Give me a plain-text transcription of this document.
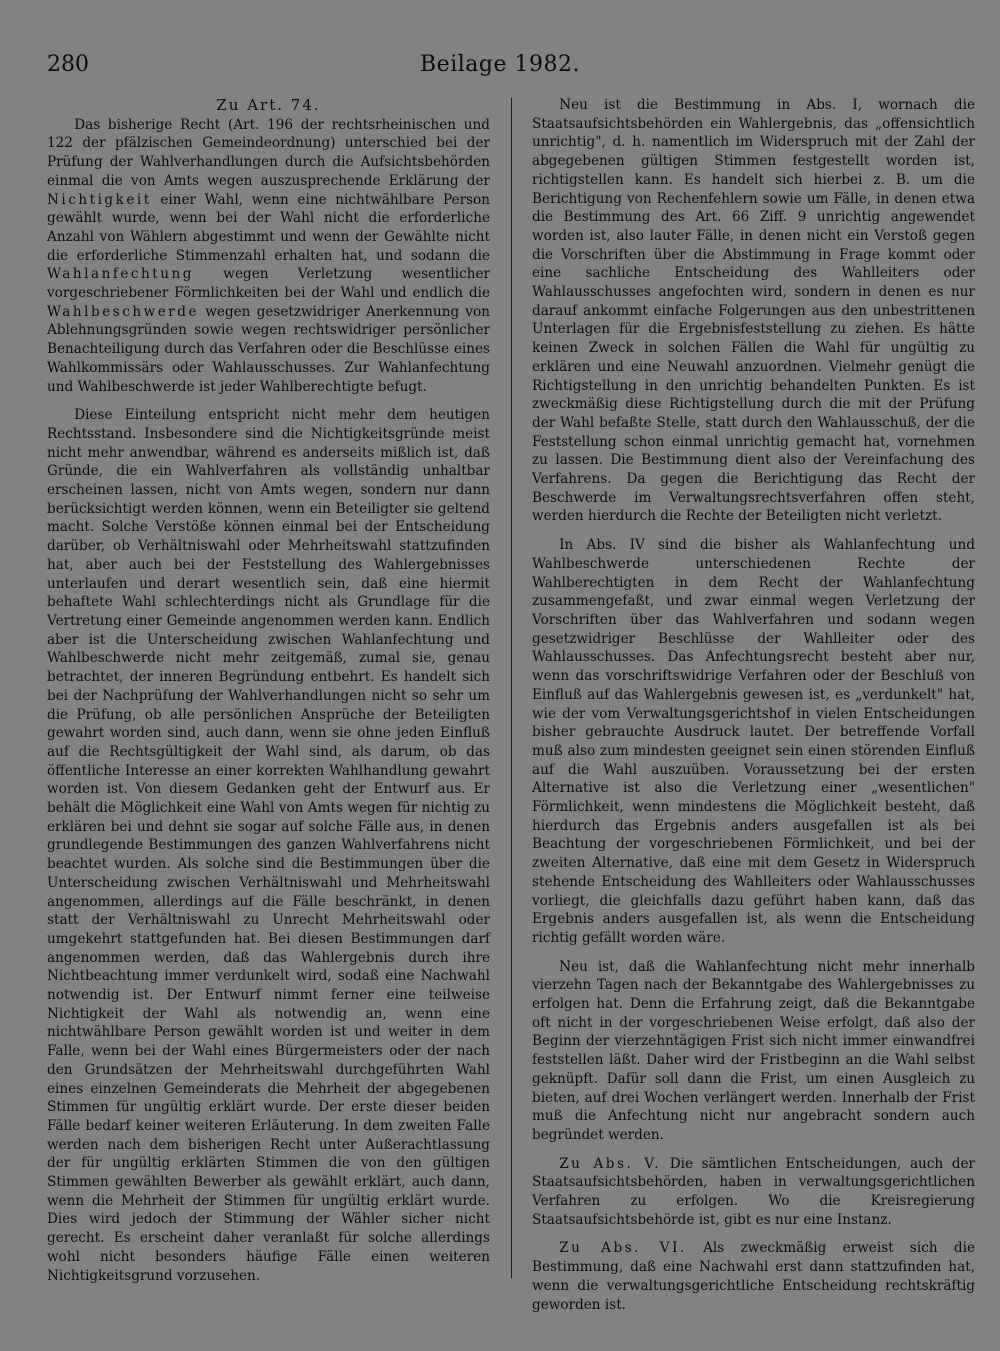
Beilage 1982.
280

Zu Art. 74.

Das bisherige Recht (Art. 196 der rechtsrheinischen und 122 der pfälzischen Gemeindeordnung) unterschied bei der Prüfung der Wahlverhandlungen durch die Aufsichtsbehörden einmal die von Amts wegen auszusprechende Erklärung der Nichtigkeit einer Wahl, wenn eine nichtwählbare Person gewählt wurde, wenn bei der Wahl nicht die erforderliche Anzahl von Wählern abgestimmt und wenn der Gewählte nicht die erforderliche Stimmenzahl erhalten hat, und sodann die Wahlanfechtung wegen Verletzung wesentlicher vorgeschriebener Förmlichkeiten bei der Wahl und endlich die Wahlbeschwerde wegen gesetzwidriger Anerkennung von Ablehnungsgründen sowie wegen rechtswidriger persönlicher Benachteiligung durch das Verfahren oder die Beschlüsse eines Wahlkommissärs oder Wahlausschusses. Zur Wahlanfechtung und Wahlbeschwerde ist jeder Wahlberechtigte befugt.

Diese Einteilung entspricht nicht mehr dem heutigen Rechtsstand. Insbesondere sind die Nichtigkeitsgründe meist nicht mehr anwendbar, während es anderseits mißlich ist, daß Gründe, die ein Wahlverfahren als vollständig unhaltbar erscheinen lassen, nicht von Amts wegen, sondern nur dann berücksichtigt werden können, wenn ein Beteiligter sie geltend macht. Solche Verstöße können einmal bei der Entscheidung darüber, ob Verhältniswahl oder Mehrheitswahl stattzufinden hat, aber auch bei der Feststellung des Wahlergebnisses unterlaufen und derart wesentlich sein, daß eine hiermit behaftete Wahl schlechterdings nicht als Grundlage für die Vertretung einer Gemeinde angenommen werden kann. Endlich aber ist die Unterscheidung zwischen Wahlanfechtung und Wahlbeschwerde nicht mehr zeitgemäß, zumal sie, genau betrachtet, der inneren Begründung entbehrt. Es handelt sich bei der Nachprüfung der Wahlverhandlungen nicht so sehr um die Prüfung, ob alle persönlichen Ansprüche der Beteiligten gewahrt worden sind, auch dann, wenn sie ohne jeden Einfluß auf die Rechtsgültigkeit der Wahl sind, als darum, ob das öffentliche Interesse an einer korrekten Wahlhandlung gewahrt worden ist. Von diesem Gedanken geht der Entwurf aus. Er behält die Möglichkeit eine Wahl von Amts wegen für nichtig zu erklären bei und dehnt sie sogar auf solche Fälle aus, in denen grundlegende Bestimmungen des ganzen Wahlverfahrens nicht beachtet wurden. Als solche sind die Bestimmungen über die Unterscheidung zwischen Verhältniswahl und Mehrheitswahl angenommen, allerdings auf die Fälle beschränkt, in denen statt der Verhältniswahl zu Unrecht Mehrheitswahl oder umgekehrt stattgefunden hat. Bei diesen Bestimmungen darf angenommen werden, daß das Wahlergebnis durch ihre Nichtbeachtung immer verdunkelt wird, sodaß eine Nachwahl notwendig ist. Der Entwurf nimmt ferner eine teilweise Nichtigkeit der Wahl als notwendig an, wenn eine nichtwählbare Person gewählt worden ist und weiter in dem Falle, wenn bei der Wahl eines Bürgermeisters oder der nach den Grundsätzen der Mehrheitswahl durchgeführten Wahl eines einzelnen Gemeinderats die Mehrheit der abgegebenen Stimmen für ungültig erklärt wurde. Der erste dieser beiden Fälle bedarf keiner weiteren Erläuterung. In dem zweiten Falle werden nach dem bisherigen Recht unter Außerachtlassung der für ungültig erklärten Stimmen die von den gültigen Stimmen gewählten Bewerber als gewählt erklärt, auch dann, wenn die Mehrheit der Stimmen für ungültig erklärt wurde. Dies wird jedoch der Stimmung der Wähler sicher nicht gerecht. Es erscheint daher veranlaßt für solche allerdings wohl nicht besonders häufige Fälle einen weiteren Nichtigkeitsgrund vorzusehen.

Neu ist die Bestimmung in Abs. I, wornach die Staatsaufsichtsbehörden ein Wahlergebnis, das „offensichtlich unrichtig", d. h. namentlich im Widerspruch mit der Zahl der abgegebenen gültigen Stimmen festgestellt worden ist, richtigstellen kann. Es handelt sich hierbei z. B. um die Berichtigung von Rechenfehlern sowie um Fälle, in denen etwa die Bestimmung des Art. 66 Ziff. 9 unrichtig angewendet worden ist, also lauter Fälle, in denen nicht ein Verstoß gegen die Vorschriften über die Abstimmung in Frage kommt oder eine sachliche Entscheidung des Wahlleiters oder Wahlausschusses angefochten wird, sondern in denen es nur darauf ankommt einfache Folgerungen aus den unbestrittenen Unterlagen für die Ergebnisfeststellung zu ziehen. Es hätte keinen Zweck in solchen Fällen die Wahl für ungültig zu erklären und eine Neuwahl anzuordnen. Vielmehr genügt die Richtigstellung in den unrichtig behandelten Punkten. Es ist zweckmäßig diese Richtigstellung durch die mit der Prüfung der Wahl befaßte Stelle, statt durch den Wahlausschuß, der die Feststellung schon einmal unrichtig gemacht hat, vornehmen zu lassen. Die Bestimmung dient also der Vereinfachung des Verfahrens. Da gegen die Berichtigung das Recht der Beschwerde im Verwaltungsrechtsverfahren offen steht, werden hierdurch die Rechte der Beteiligten nicht verletzt.

In Abs. IV sind die bisher als Wahlanfechtung und Wahlbeschwerde unterschiedenen Rechte der Wahlberechtigten in dem Recht der Wahlanfechtung zusammengefaßt, und zwar einmal wegen Verletzung der Vorschriften über das Wahlverfahren und sodann wegen gesetzwidriger Beschlüsse der Wahlleiter oder des Wahlausschusses. Das Anfechtungsrecht besteht aber nur, wenn das vorschriftswidrige Verfahren oder der Beschluß von Einfluß auf das Wahlergebnis gewesen ist, es „verdunkelt" hat, wie der vom Verwaltungsgerichtshof in vielen Entscheidungen bisher gebrauchte Ausdruck lautet. Der betreffende Vorfall muß also zum mindesten geeignet sein einen störenden Einfluß auf die Wahl auszuüben. Voraussetzung bei der ersten Alternative ist also die Verletzung einer „wesentlichen" Förmlichkeit, wenn mindestens die Möglichkeit besteht, daß hierdurch das Ergebnis anders ausgefallen ist als bei Beachtung der vorgeschriebenen Förmlichkeit, und bei der zweiten Alternative, daß eine mit dem Gesetz in Widerspruch stehende Entscheidung des Wahlleiters oder Wahlausschusses vorliegt, die gleichfalls dazu geführt haben kann, daß das Ergebnis anders ausgefallen ist, als wenn die Entscheidung richtig gefällt worden wäre.

Neu ist, daß die Wahlanfechtung nicht mehr innerhalb vierzehn Tagen nach der Bekanntgabe des Wahlergebnisses zu erfolgen hat. Denn die Erfahrung zeigt, daß die Bekanntgabe oft nicht in der vorgeschriebenen Weise erfolgt, daß also der Beginn der vierzehntägigen Frist sich nicht immer einwandfrei feststellen läßt. Daher wird der Fristbeginn an die Wahl selbst geknüpft. Dafür soll dann die Frist, um einen Ausgleich zu bieten, auf drei Wochen verlängert werden. Innerhalb der Frist muß die Anfechtung nicht nur angebracht sondern auch begründet werden.

Zu Abs. V. Die sämtlichen Entscheidungen, auch der Staatsaufsichtsbehörden, haben in verwaltungsgerichtlichen Verfahren zu erfolgen. Wo die Kreisregierung Staatsaufsichtsbehörde ist, gibt es nur eine Instanz.

Zu Abs. VI. Als zweckmäßig erweist sich die Bestimmung, daß eine Nachwahl erst dann stattzufinden hat, wenn die verwaltungsgerichtliche Entscheidung rechtskräftig geworden ist.
